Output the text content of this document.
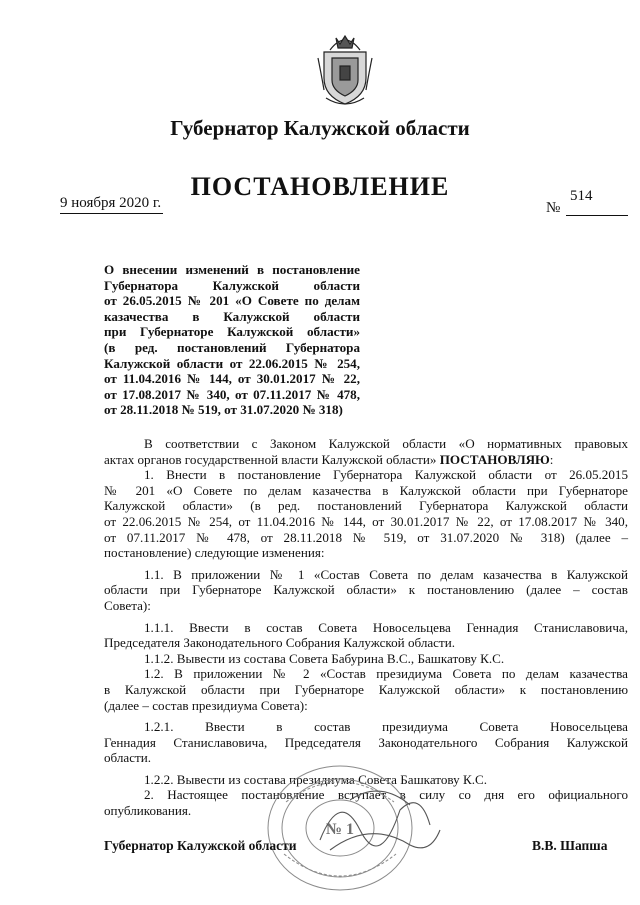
Губернатор Калужской области
ПОСТАНОВЛЕНИЕ
9 ноября 2020 г.	№
514
О внесении изменений в постановление
Губернатора Калужской области
от 26.05.2015 № 201 «О Совете по делам
казачества в Калужской области
при Губернаторе Калужской области»
(в ред. постановлений Губернатора
Калужской области от 22.06.2015 № 254,
от 11.04.2016 № 144, от 30.01.2017 № 22,
от 17.08.2017 № 340, от 07.11.2017 № 478,
от 28.11.2018 № 519, от 31.07.2020 № 318)

В соответствии с Законом Калужской области «О нормативных правовых
актах органов государственной власти Калужской области» ПОСТАНОВЛЯЮ:

1. Внести в постановление Губернатора Калужской области от 26.05.2015
№ 201 «О Совете по делам казачества в Калужской области при Губернаторе
Калужской области» (в ред. постановлений Губернатора Калужской области
от 22.06.2015 № 254, от 11.04.2016 № 144, от 30.01.2017 № 22, от 17.08.2017 № 340,
от 07.11.2017 № 478, от 28.11.2018 № 519, от 31.07.2020 № 318) (далее –
постановление) следующие изменения:

1.1. В приложении № 1 «Состав Совета по делам казачества в Калужской
области при Губернаторе Калужской области» к постановлению (далее – состав
Совета):

1.1.1. Ввести в состав Совета Новосельцева Геннадия Станиславовича,
Председателя Законодательного Собрания Калужской области.

1.1.2. Вывести из состава Совета Бабурина В.С., Башкатову К.С.

1.2. В приложении № 2 «Состав президиума Совета по делам казачества
в Калужской области при Губернаторе Калужской области» к постановлению
(далее – состав президиума Совета):

1.2.1. Ввести в состав президиума Совета Новосельцева
Геннадия Станиславовича, Председателя Законодательного Собрания Калужской
области.

1.2.2. Вывести из состава президиума Совета Башкатову К.С.

2. Настоящее постановление вступает в силу со дня его официального
опубликования.

№ 1
Губернатор Калужской области	В.В. Шапша
